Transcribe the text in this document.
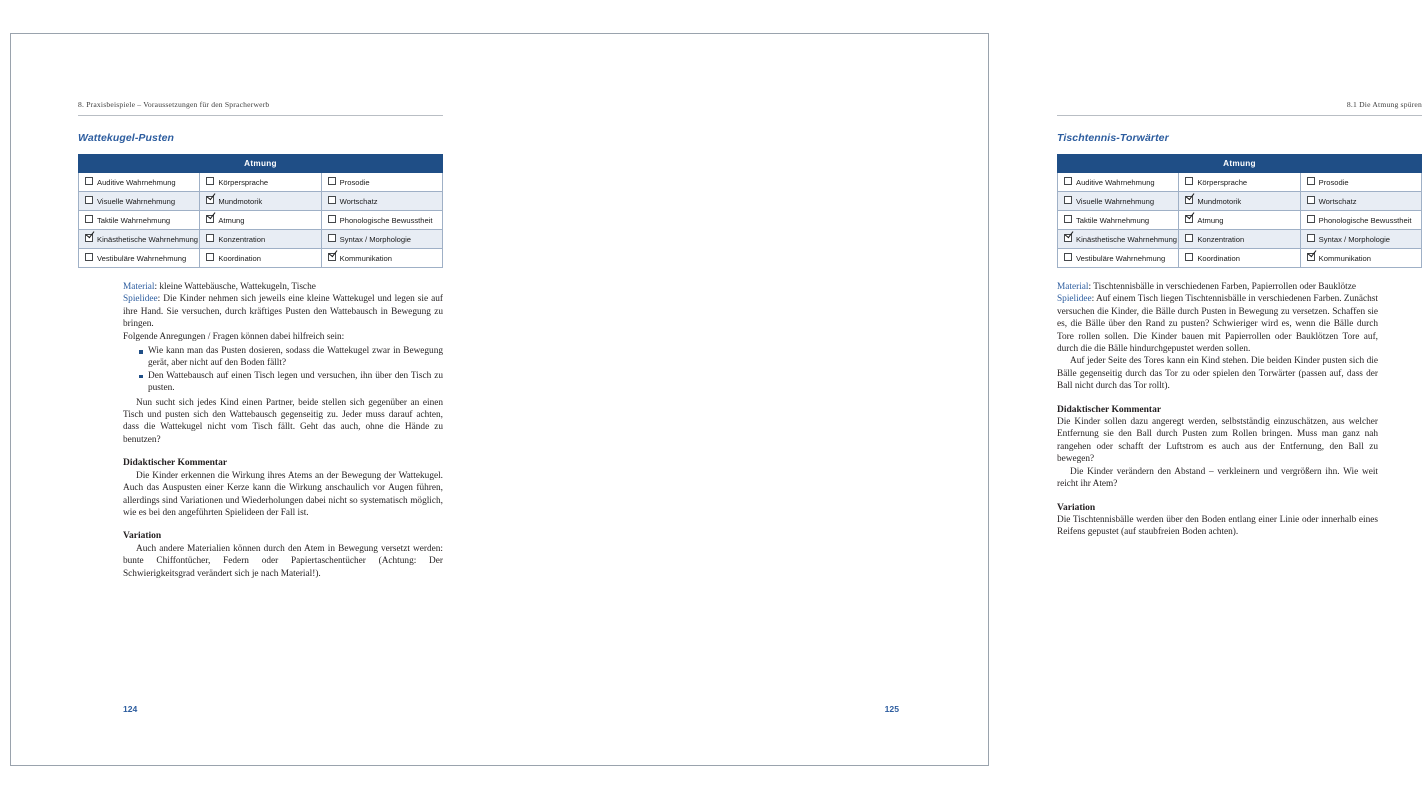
8. Praxisbeispiele – Voraussetzungen für den Spracherwerb
Wattekugel-Pusten
Atmung		
Auditive Wahrnehmung	Körpersprache	Prosodie
Visuelle Wahrnehmung	Mundmotorik	Wortschatz
Taktile Wahrnehmung	Atmung	Phonologische Bewusstheit
Kinästhetische Wahrnehmung	Konzentration	Syntax / Morphologie
Vestibuläre Wahrnehmung	Koordination	Kommunikation

Material: kleine Wattebäusche, Wattekugeln, Tische

Spielidee: Die Kinder nehmen sich jeweils eine kleine Wattekugel und legen sie auf ihre Hand. Sie versuchen, durch kräftiges Pusten den Wattebausch in Bewegung zu bringen.

Folgende Anregungen / Fragen können dabei hilfreich sein:

Wie kann man das Pusten dosieren, sodass die Wattekugel zwar in Bewegung gerät, aber nicht auf den Boden fällt?
Den Wattebausch auf einen Tisch legen und versuchen, ihn über den Tisch zu pusten.

Nun sucht sich jedes Kind einen Partner, beide stellen sich gegenüber an einen Tisch und pusten sich den Wattebausch gegenseitig zu. Jeder muss darauf achten, dass die Wattekugel nicht vom Tisch fällt. Geht das auch, ohne die Hände zu benutzen?

Didaktischer Kommentar

Die Kinder erkennen die Wirkung ihres Atems an der Bewegung der Wattekugel. Auch das Auspusten einer Kerze kann die Wirkung anschaulich vor Augen führen, allerdings sind Variationen und Wiederholungen dabei nicht so systematisch möglich, wie es bei den angeführten Spielideen der Fall ist.

Variation

Auch andere Materialien können durch den Atem in Bewegung versetzt werden: bunte Chiffontücher, Federn oder Papiertaschentücher (Achtung: Der Schwierigkeitsgrad verändert sich je nach Material!).

124
8.1 Die Atmung spüren
Tischtennis-Torwärter
Atmung		
Auditive Wahrnehmung	Körpersprache	Prosodie
Visuelle Wahrnehmung	Mundmotorik	Wortschatz
Taktile Wahrnehmung	Atmung	Phonologische Bewusstheit
Kinästhetische Wahrnehmung	Konzentration	Syntax / Morphologie
Vestibuläre Wahrnehmung	Koordination	Kommunikation

Material: Tischtennisbälle in verschiedenen Farben, Papierrollen oder Bauklötze

Spielidee: Auf einem Tisch liegen Tischtennisbälle in verschiedenen Farben. Zunächst versuchen die Kinder, die Bälle durch Pusten in Bewegung zu versetzen. Schaffen sie es, die Bälle über den Rand zu pusten? Schwieriger wird es, wenn die Bälle durch Tore rollen sollen. Die Kinder bauen mit Papierrollen oder Bauklötzen Tore auf, durch die die Bälle hindurchgepustet werden sollen.

Auf jeder Seite des Tores kann ein Kind stehen. Die beiden Kinder pusten sich die Bälle gegenseitig durch das Tor zu oder spielen den Torwärter (passen auf, dass der Ball nicht durch das Tor rollt).

Didaktischer Kommentar

Die Kinder sollen dazu angeregt werden, selbstständig einzuschätzen, aus welcher Entfernung sie den Ball durch Pusten zum Rollen bringen. Muss man ganz nah rangehen oder schafft der Luftstrom es auch aus der Entfernung, den Ball zu bewegen?

Die Kinder verändern den Abstand – verkleinern und vergrößern ihn. Wie weit reicht ihr Atem?

Variation

Die Tischtennisbälle werden über den Boden entlang einer Linie oder innerhalb eines Reifens gepustet (auf staubfreien Boden achten).

125
